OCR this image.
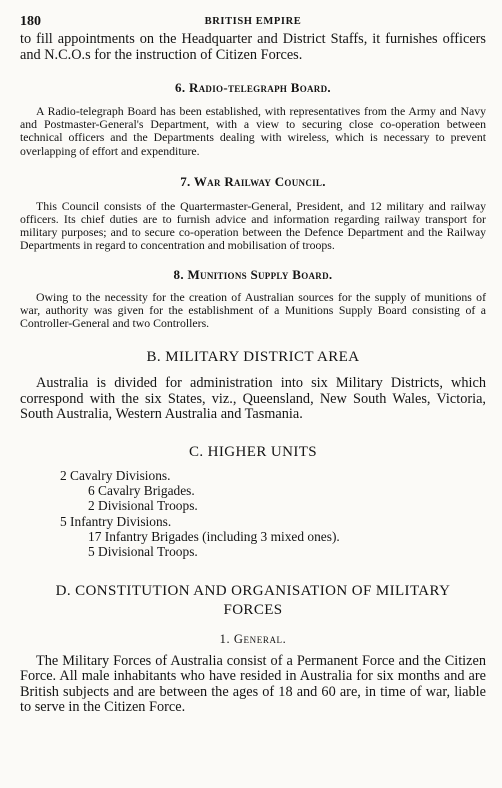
180	BRITISH EMPIRE

to fill appointments on the Headquarter and District Staffs, it furnishes officers and N.C.O.s for the instruction of Citizen Forces.

6. Radio-telegraph Board.

A Radio-telegraph Board has been established, with representatives from the Army and Navy and Postmaster-General's Department, with a view to securing close co-operation between technical officers and the Departments dealing with wireless, which is necessary to prevent overlapping of effort and expenditure.

7. War Railway Council.

This Council consists of the Quartermaster-General, President, and 12 military and railway officers. Its chief duties are to furnish advice and information regarding railway transport for military purposes; and to secure co-operation between the Defence Department and the Railway Departments in regard to concentration and mobilisation of troops.

8. Munitions Supply Board.

Owing to the necessity for the creation of Australian sources for the supply of munitions of war, authority was given for the establishment of a Munitions Supply Board consisting of a Controller-General and two Controllers.

B. MILITARY DISTRICT AREA

Australia is divided for administration into six Military Districts, which correspond with the six States, viz., Queensland, New South Wales, Victoria, South Australia, Western Australia and Tasmania.

C. HIGHER UNITS
2 Cavalry Divisions.
6 Cavalry Brigades.
2 Divisional Troops.
5 Infantry Divisions.
17 Infantry Brigades (including 3 mixed ones).
5 Divisional Troops.
D. CONSTITUTION AND ORGANISATION OF MILITARY
FORCES
1. General.

The Military Forces of Australia consist of a Permanent Force and the Citizen Force. All male inhabitants who have resided in Australia for six months and are British subjects and are between the ages of 18 and 60 are, in time of war, liable to serve in the Citizen Force.
